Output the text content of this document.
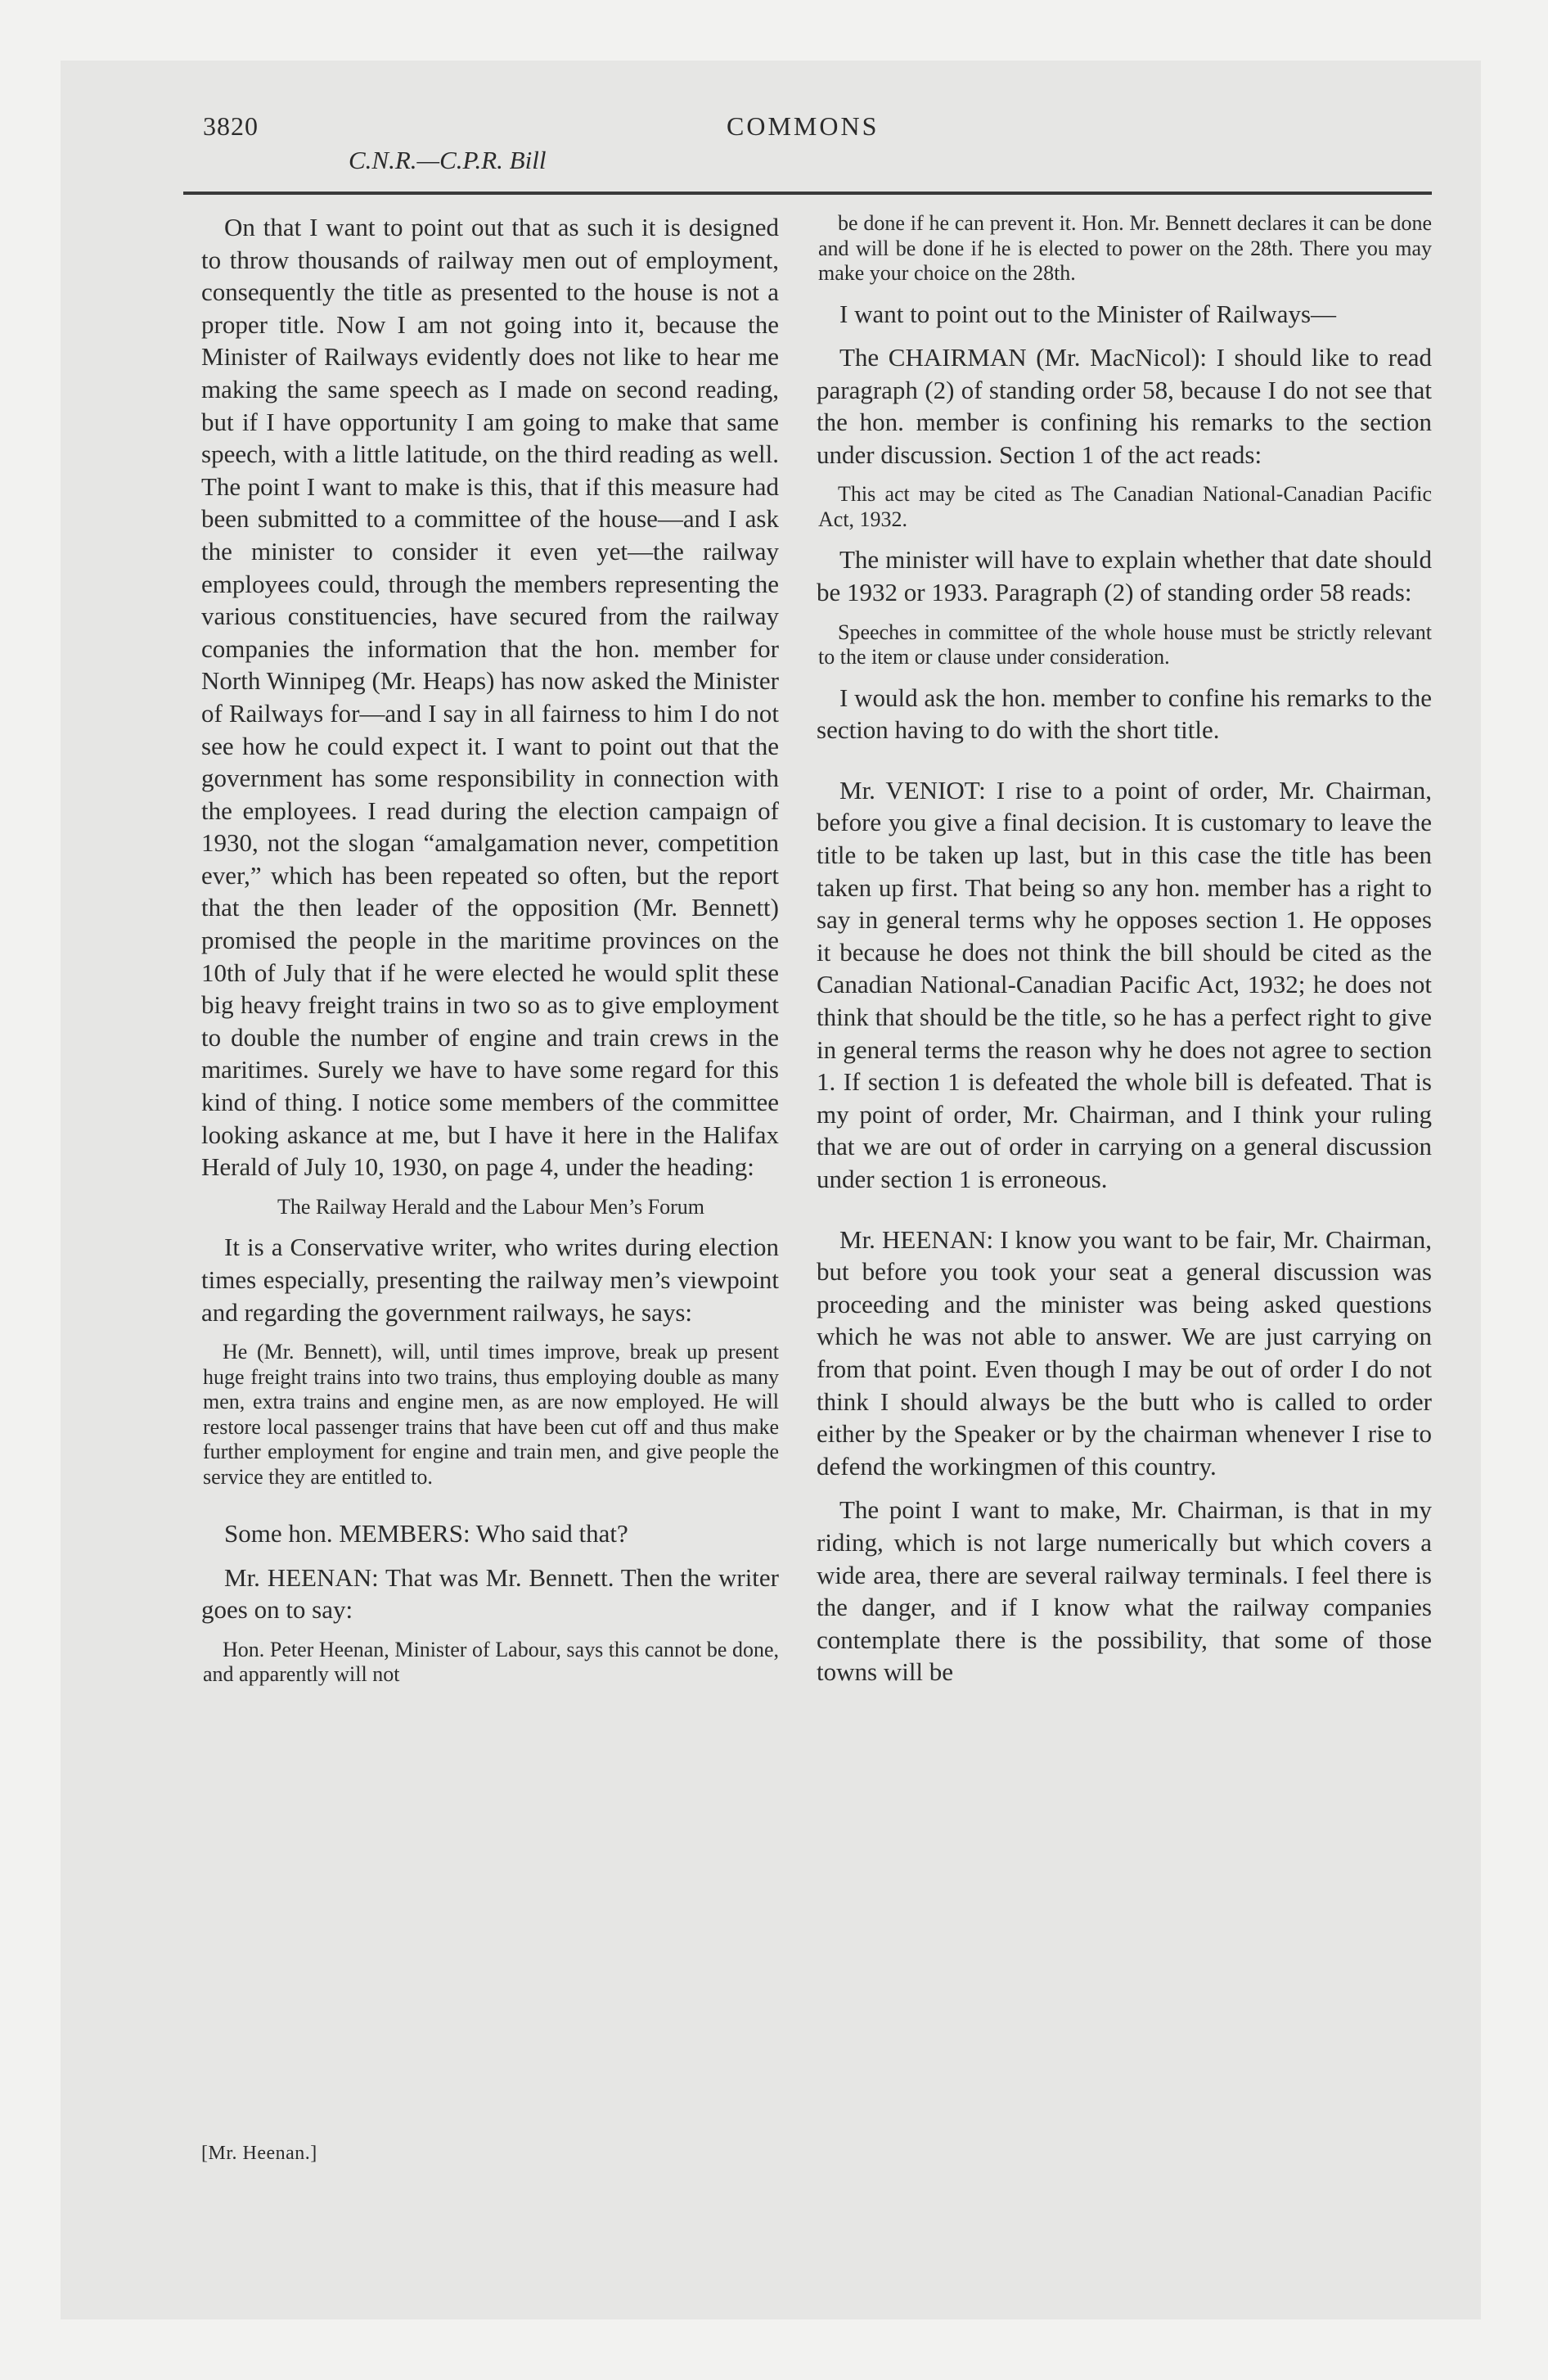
3820	COMMONS
C.N.R.—C.P.R. Bill

On that I want to point out that as such it is designed to throw thousands of railway men out of employment, consequently the title as presented to the house is not a proper title. Now I am not going into it, because the Minister of Railways evidently does not like to hear me making the same speech as I made on second reading, but if I have opportunity I am going to make that same speech, with a little latitude, on the third reading as well. The point I want to make is this, that if this measure had been submitted to a committee of the house—and I ask the minister to consider it even yet—the railway employees could, through the members representing the various constituencies, have secured from the railway companies the information that the hon. member for North Winnipeg (Mr. Heaps) has now asked the Minister of Railways for—and I say in all fairness to him I do not see how he could expect it. I want to point out that the government has some responsibility in connection with the employees. I read during the election campaign of 1930, not the slogan “amalgamation never, competition ever,” which has been repeated so often, but the report that the then leader of the opposition (Mr. Bennett) promised the people in the maritime provinces on the 10th of July that if he were elected he would split these big heavy freight trains in two so as to give employment to double the number of engine and train crews in the maritimes. Surely we have to have some regard for this kind of thing. I notice some members of the committee looking askance at me, but I have it here in the Halifax Herald of July 10, 1930, on page 4, under the heading:

The Railway Herald and the Labour Men’s Forum

It is a Conservative writer, who writes during election times especially, presenting the railway men’s viewpoint and regarding the government railways, he says:

He (Mr. Bennett), will, until times improve, break up present huge freight trains into two trains, thus employing double as many men, extra trains and engine men, as are now employed. He will restore local passenger trains that have been cut off and thus make further employment for engine and train men, and give people the service they are entitled to.

Some hon. MEMBERS: Who said that?

Mr. HEENAN: That was Mr. Bennett. Then the writer goes on to say:

Hon. Peter Heenan, Minister of Labour, says this cannot be done, and apparently will not
[Mr. Heenan.]
be done if he can prevent it. Hon. Mr. Bennett declares it can be done and will be done if he is elected to power on the 28th. There you may make your choice on the 28th.

I want to point out to the Minister of Railways—

The CHAIRMAN (Mr. MacNicol): I should like to read paragraph (2) of standing order 58, because I do not see that the hon. member is confining his remarks to the section under discussion. Section 1 of the act reads:

This act may be cited as The Canadian National-Canadian Pacific Act, 1932.

The minister will have to explain whether that date should be 1932 or 1933. Paragraph (2) of standing order 58 reads:

Speeches in committee of the whole house must be strictly relevant to the item or clause under consideration.

I would ask the hon. member to confine his remarks to the section having to do with the short title.

Mr. VENIOT: I rise to a point of order, Mr. Chairman, before you give a final decision. It is customary to leave the title to be taken up last, but in this case the title has been taken up first. That being so any hon. member has a right to say in general terms why he opposes section 1. He opposes it because he does not think the bill should be cited as the Canadian National-Canadian Pacific Act, 1932; he does not think that should be the title, so he has a perfect right to give in general terms the reason why he does not agree to section 1. If section 1 is defeated the whole bill is defeated. That is my point of order, Mr. Chairman, and I think your ruling that we are out of order in carrying on a general discussion under section 1 is erroneous.

Mr. HEENAN: I know you want to be fair, Mr. Chairman, but before you took your seat a general discussion was proceeding and the minister was being asked questions which he was not able to answer. We are just carrying on from that point. Even though I may be out of order I do not think I should always be the butt who is called to order either by the Speaker or by the chairman whenever I rise to defend the workingmen of this country.

The point I want to make, Mr. Chairman, is that in my riding, which is not large numerically but which covers a wide area, there are several railway terminals. I feel there is the danger, and if I know what the railway companies contemplate there is the possibility, that some of those towns will be
